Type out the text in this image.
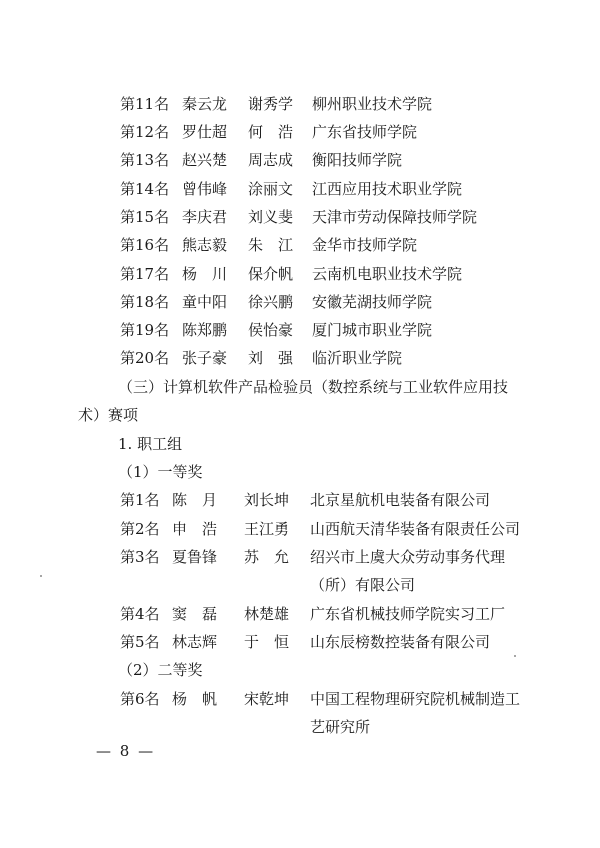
第11名 秦云龙 谢秀学 柳州职业技术学院
第12名 罗仕超 何　浩 广东省技师学院
第13名 赵兴楚 周志成 衡阳技师学院
第14名 曾伟峰 涂丽文 江西应用技术职业学院
第15名 李庆君 刘义斐 天津市劳动保障技师学院
第16名 熊志毅 朱　江 金华市技师学院
第17名 杨　川 保介帆 云南机电职业技术学院
第18名 童中阳 徐兴鹏 安徽芜湖技师学院
第19名 陈郑鹏 侯怡豪 厦门城市职业学院
第20名 张子豪 刘　强 临沂职业学院
（三）计算机软件产品检验员（数控系统与工业软件应用技
术）赛项
1. 职工组
（1）一等奖
第1名 陈　月 刘长坤 北京星航机电装备有限公司
第2名 申　浩 王江勇 山西航天清华装备有限责任公司
第3名 夏鲁锋 苏　允 绍兴市上虞大众劳动事务代理
（所）有限公司
第4名 窦　磊 林楚雄 广东省机械技师学院实习工厂
第5名 林志辉 于　恒 山东辰榜数控装备有限公司
（2）二等奖
第6名 杨　帆 宋乾坤 中国工程物理研究院机械制造工
艺研究所
— 8 —
